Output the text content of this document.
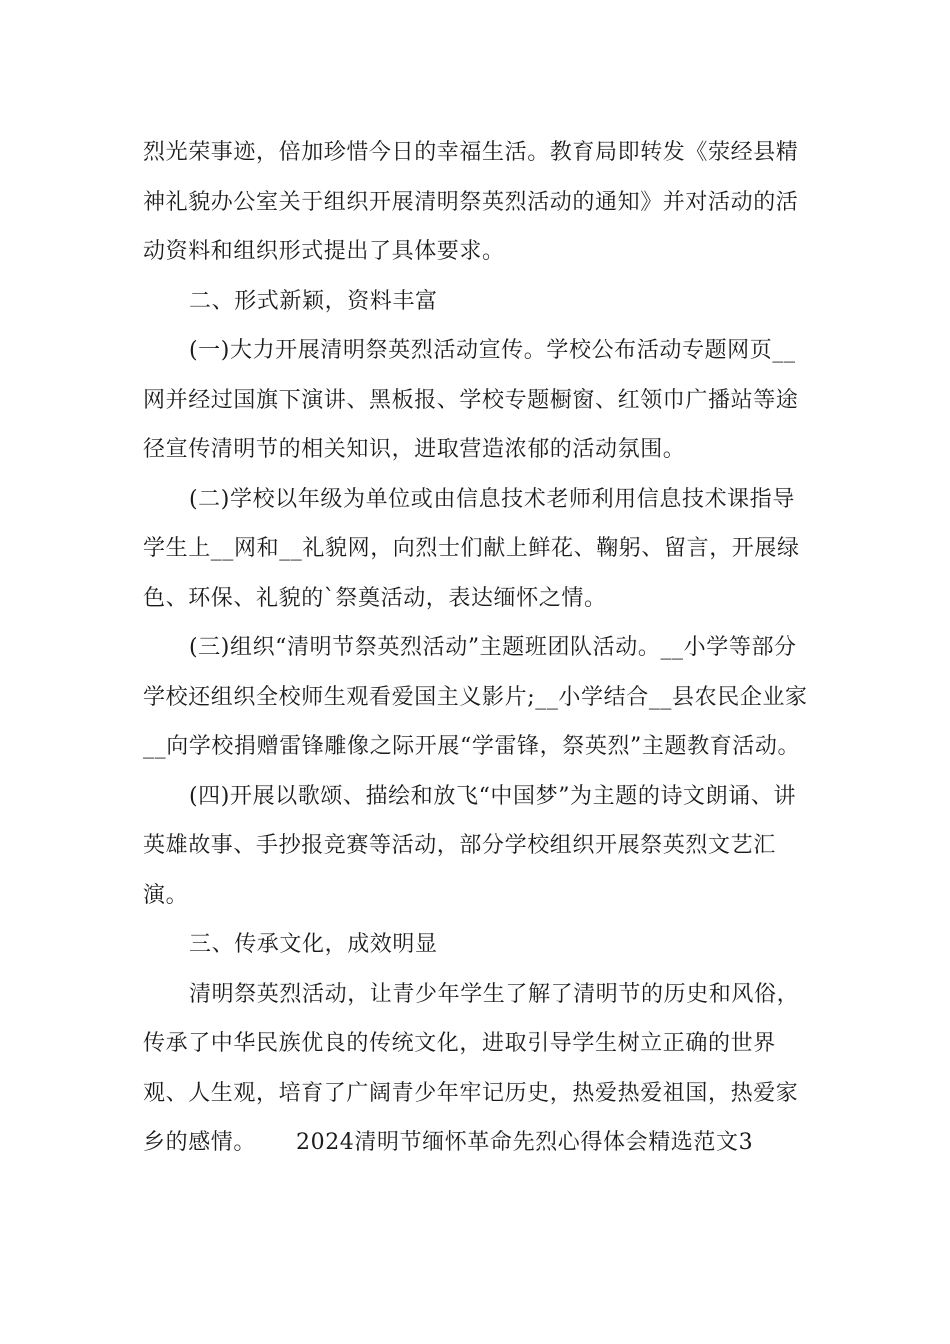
烈光荣事迹，倍加珍惜今日的幸福生活。教育局即转发《荥经县精神礼貌办公室关于组织开展清明祭英烈活动的通知》并对活动的活动资料和组织形式提出了具体要求。

二、形式新颖，资料丰富

(一)大力开展清明祭英烈活动宣传。学校公布活动专题网页__网并经过国旗下演讲、黑板报、学校专题橱窗、红领巾广播站等途径宣传清明节的相关知识，进取营造浓郁的活动氛围。

(二)学校以年级为单位或由信息技术老师利用信息技术课指导学生上__网和__礼貌网，向烈士们献上鲜花、鞠躬、留言，开展绿色、环保、礼貌的`祭奠活动，表达缅怀之情。

(三)组织“清明节祭英烈活动”主题班团队活动。__小学等部分学校还组织全校师生观看爱国主义影片;__小学结合__县农民企业家__向学校捐赠雷锋雕像之际开展“学雷锋，祭英烈”主题教育活动。

(四)开展以歌颂、描绘和放飞“中国梦”为主题的诗文朗诵、讲英雄故事、手抄报竞赛等活动，部分学校组织开展祭英烈文艺汇演。

三、传承文化，成效明显

清明祭英烈活动，让青少年学生了解了清明节的历史和风俗，传承了中华民族优良的传统文化，进取引导学生树立正确的世界观、人生观，培育了广阔青少年牢记历史，热爱热爱祖国，热爱家乡的感情。 2024清明节缅怀革命先烈心得体会精选范文3
